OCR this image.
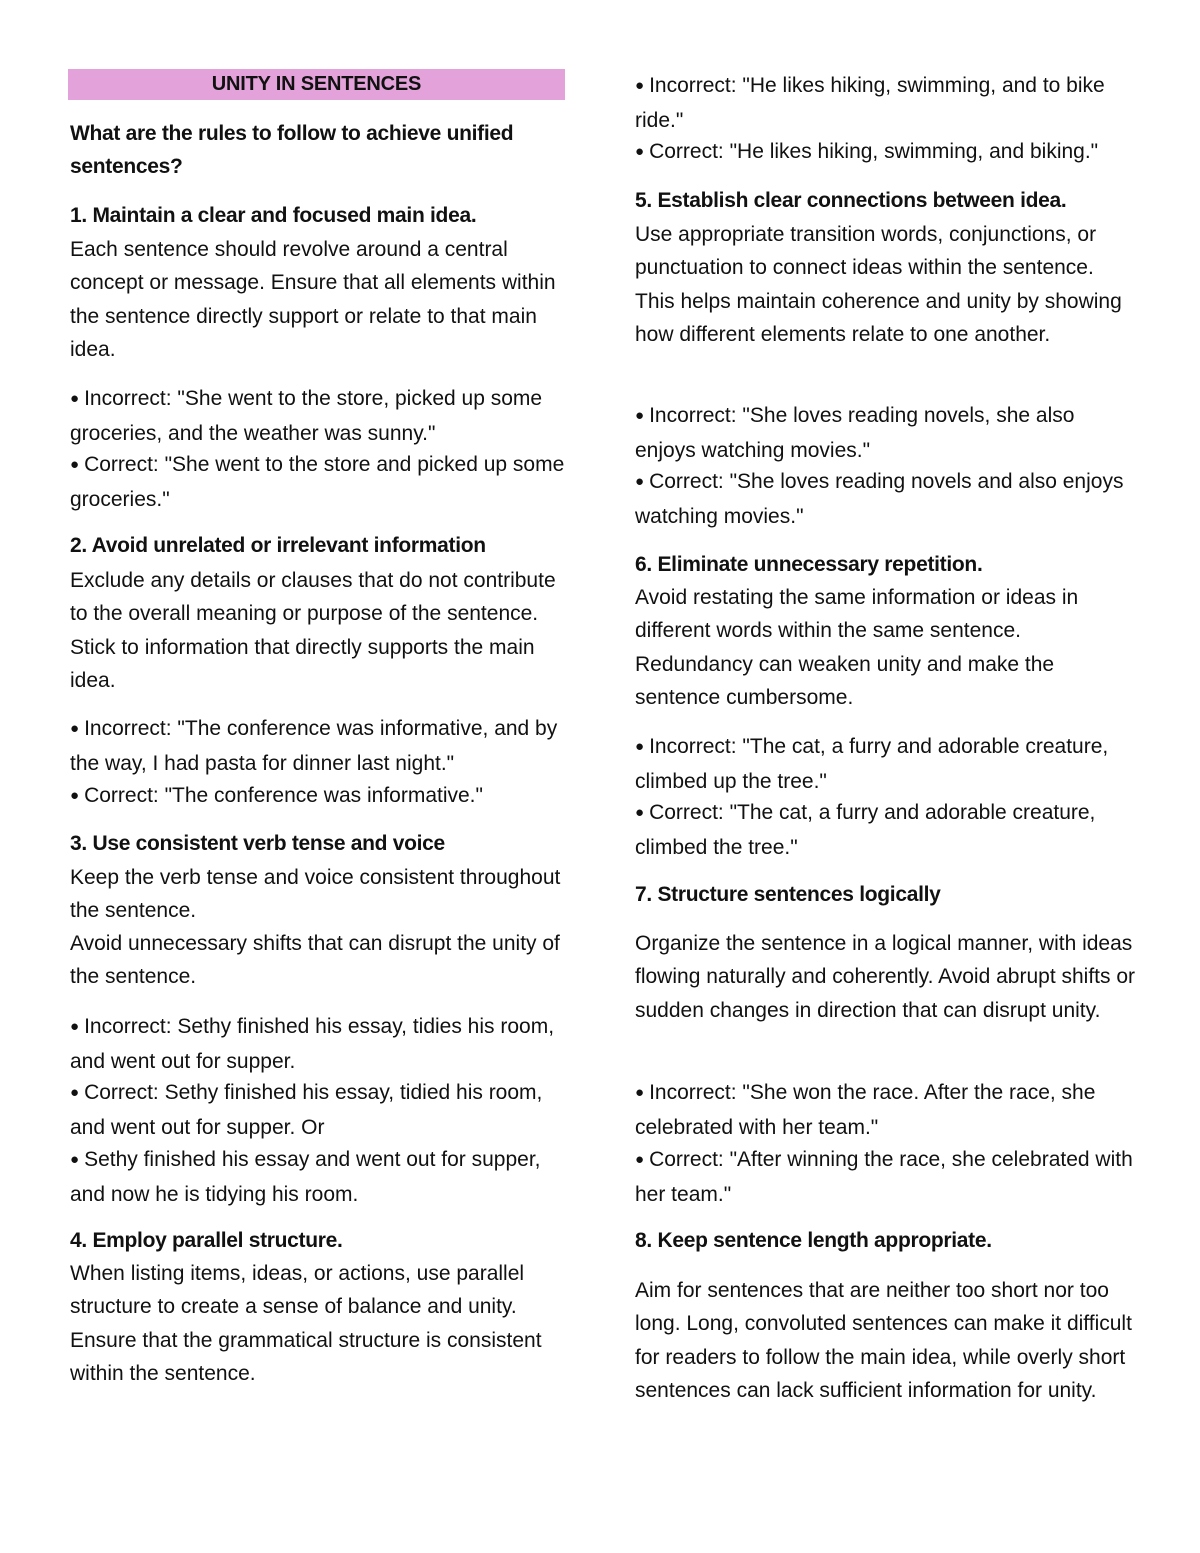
UNITY IN SENTENCES

What are the rules to follow to achieve unified sentences?

1. Maintain a clear and focused main idea.

Each sentence should revolve around a central concept or message. Ensure that all elements within the sentence directly support or relate to that main idea.

● Incorrect: "She went to the store, picked up some groceries, and the weather was sunny."

● Correct: "She went to the store and picked up some groceries."

2. Avoid unrelated or irrelevant information

Exclude any details or clauses that do not contribute to the overall meaning or purpose of the sentence. Stick to information that directly supports the main idea.

● Incorrect: "The conference was informative, and by the way, I had pasta for dinner last night."

● Correct: "The conference was informative."

3. Use consistent verb tense and voice

Keep the verb tense and voice consistent throughout the sentence.

Avoid unnecessary shifts that can disrupt the unity of the sentence.

● Incorrect: Sethy finished his essay, tidies his room, and went out for supper.

● Correct: Sethy finished his essay, tidied his room, and went out for supper. Or

● Sethy finished his essay and went out for supper, and now he is tidying his room.

4. Employ parallel structure.

When listing items, ideas, or actions, use parallel structure to create a sense of balance and unity. Ensure that the grammatical structure is consistent within the sentence.

● Incorrect: "He likes hiking, swimming, and to bike ride."

● Correct: "He likes hiking, swimming, and biking."

5. Establish clear connections between idea.

Use appropriate transition words, conjunctions, or punctuation to connect ideas within the sentence. This helps maintain coherence and unity by showing how different elements relate to one another.

● Incorrect: "She loves reading novels, she also enjoys watching movies."

● Correct: "She loves reading novels and also enjoys watching movies."

6. Eliminate unnecessary repetition.

Avoid restating the same information or ideas in different words within the same sentence. Redundancy can weaken unity and make the sentence cumbersome.

● Incorrect: "The cat, a furry and adorable creature, climbed up the tree."

● Correct: "The cat, a furry and adorable creature, climbed the tree."

7. Structure sentences logically

Organize the sentence in a logical manner, with ideas flowing naturally and coherently. Avoid abrupt shifts or sudden changes in direction that can disrupt unity.

● Incorrect: "She won the race. After the race, she celebrated with her team."

● Correct: "After winning the race, she celebrated with her team."

8. Keep sentence length appropriate.

Aim for sentences that are neither too short nor too long. Long, convoluted sentences can make it difficult for readers to follow the main idea, while overly short sentences can lack sufficient information for unity.
